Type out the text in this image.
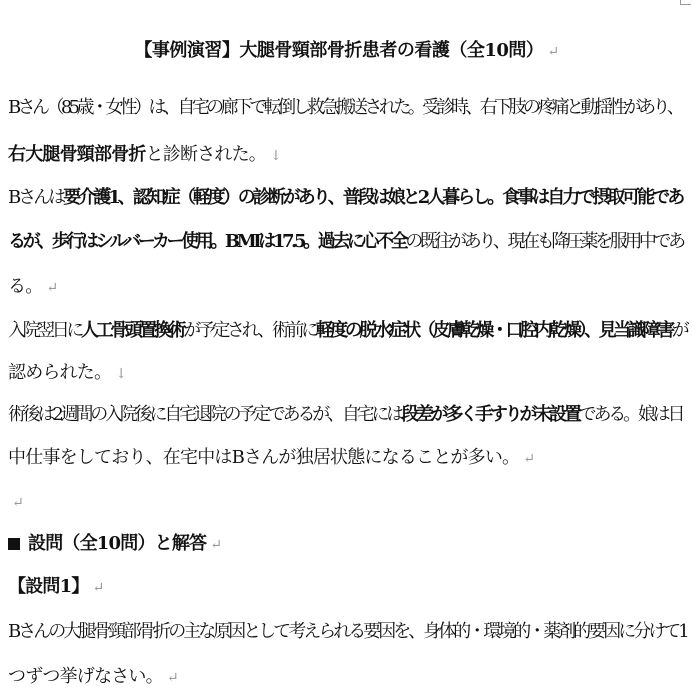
【事例演習】大腿骨頸部骨折患者の看護（全10問） ↵
Bさん（85歳・女性）は、自宅の廊下で転倒し救急搬送された。受診時、右下肢の疼痛と動揺性があり、
右大腿骨頸部骨折と診断された。 ↓
Bさんは要介護1、認知症（軽度）の診断があり、普段は娘と2人暮らし。食事は自力で摂取可能であ
るが、歩行はシルバーカー使用。BMIは17.5。過去に心不全の既往があり、現在も降圧薬を服用中であ
る。 ↵
入院翌日に人工骨頭置換術が予定され、術前に軽度の脱水症状（皮膚乾燥・口腔内乾燥）、見当識障害が
認められた。 ↓
術後は2週間の入院後に自宅退院の予定であるが、自宅には段差が多く手すりが未設置である。娘は日
中仕事をしており、在宅中はBさんが独居状態になることが多い。 ↵
↵
設問（全10問）と解答 ↵
【設問1】 ↵
Bさんの大腿骨頸部骨折の主な原因として考えられる要因を、身体的・環境的・薬剤的要因に分けて1
つずつ挙げなさい。 ↵
